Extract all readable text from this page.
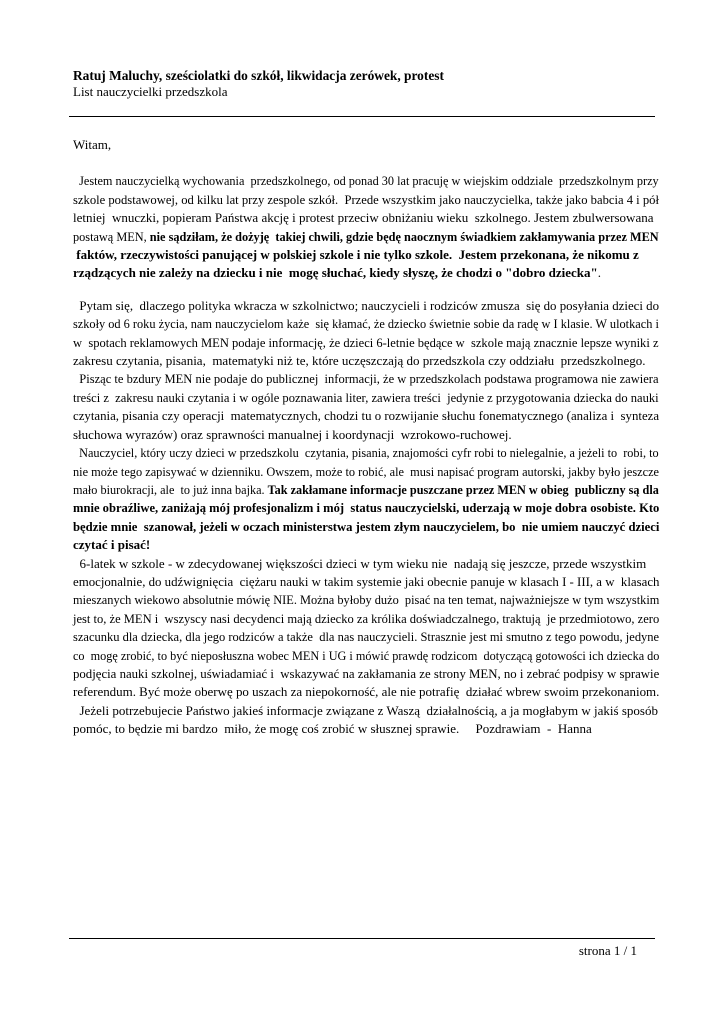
Ratuj Maluchy, sześciolatki do szkół, likwidacja zerówek, protest
List nauczycielki przedszkola

Witam,

Jestem nauczycielką wychowania  przedszkolnego, od ponad 30 lat pracuję w wiejskim oddziale  przedszkolnym przy
szkole podstawowej, od kilku lat przy zespole szkół.  Przede wszystkim jako nauczycielka, także jako babcia 4 i pół
letniej  wnuczki, popieram Państwa akcję i protest przeciw obniżaniu wieku  szkolnego. Jestem zbulwersowana
postawą MEN, nie sądziłam, że dożyję  takiej chwili, gdzie będę naocznym świadkiem zakłamywania przez MEN
faktów, rzeczywistości panującej w polskiej szkole i nie tylko szkole.  Jestem przekonana, że nikomu z
rządzących nie zależy na dziecku i nie  mogę słuchać, kiedy słyszę, że chodzi o "dobro dziecka".

Pytam się,  dlaczego polityka wkracza w szkolnictwo; nauczycieli i rodziców zmusza  się do posyłania dzieci do
szkoły od 6 roku życia, nam nauczycielom każe  się kłamać, że dziecko świetnie sobie da radę w I klasie. W ulotkach i
w  spotach reklamowych MEN podaje informację, że dzieci 6-letnie będące w  szkole mają znacznie lepsze wyniki z
zakresu czytania, pisania,  matematyki niż te, które uczęszczają do przedszkola czy oddziału  przedszkolnego.

Pisząc te bzdury MEN nie podaje do publicznej  informacji, że w przedszkolach podstawa programowa nie zawiera
treści z  zakresu nauki czytania i w ogóle poznawania liter, zawiera treści  jedynie z przygotowania dziecka do nauki
czytania, pisania czy operacji  matematycznych, chodzi tu o rozwijanie słuchu fonematycznego (analiza i  synteza
słuchowa wyrazów) oraz sprawności manualnej i koordynacji  wzrokowo-ruchowej.

Nauczyciel, który uczy dzieci w przedszkolu  czytania, pisania, znajomości cyfr robi to nielegalnie, a jeżeli to  robi, to
nie może tego zapisywać w dzienniku. Owszem, może to robić, ale  musi napisać program autorski, jakby było jeszcze
mało biurokracji, ale  to już inna bajka. Tak zakłamane informacje puszczane przez MEN w obieg  publiczny są dla
mnie obraźliwe, zaniżają mój profesjonalizm i mój  status nauczycielski, uderzają w moje dobra osobiste. Kto
będzie mnie  szanował, jeżeli w oczach ministerstwa jestem złym nauczycielem, bo  nie umiem nauczyć dzieci
czytać i pisać!

6-latek w szkole - w zdecydowanej większości dzieci w tym wieku nie  nadają się jeszcze, przede wszystkim
emocjonalnie, do udźwignięcia  ciężaru nauki w takim systemie jaki obecnie panuje w klasach I - III, a w  klasach
mieszanych wiekowo absolutnie mówię NIE. Można byłoby dużo  pisać na ten temat, najważniejsze w tym wszystkim
jest to, że MEN i  wszyscy nasi decydenci mają dziecko za królika doświadczalnego, traktują  je przedmiotowo, zero
szacunku dla dziecka, dla jego rodziców a także  dla nas nauczycieli. Strasznie jest mi smutno z tego powodu, jedyne
co  mogę zrobić, to być nieposłuszna wobec MEN i UG i mówić prawdę rodzicom  dotyczącą gotowości ich dziecka do
podjęcia nauki szkolnej, uświadamiać i  wskazywać na zakłamania ze strony MEN, no i zebrać podpisy w sprawie
referendum. Być może oberwę po uszach za niepokorność, ale nie potrafię  działać wbrew swoim przekonaniom.

Jeżeli potrzebujecie Państwo jakieś informacje związane z Waszą  działalnością, a ja mogłabym w jakiś sposób
pomóc, to będzie mi bardzo  miło, że mogę coś zrobić w słusznej sprawie.     Pozdrawiam  -  Hanna

strona 1 / 1
